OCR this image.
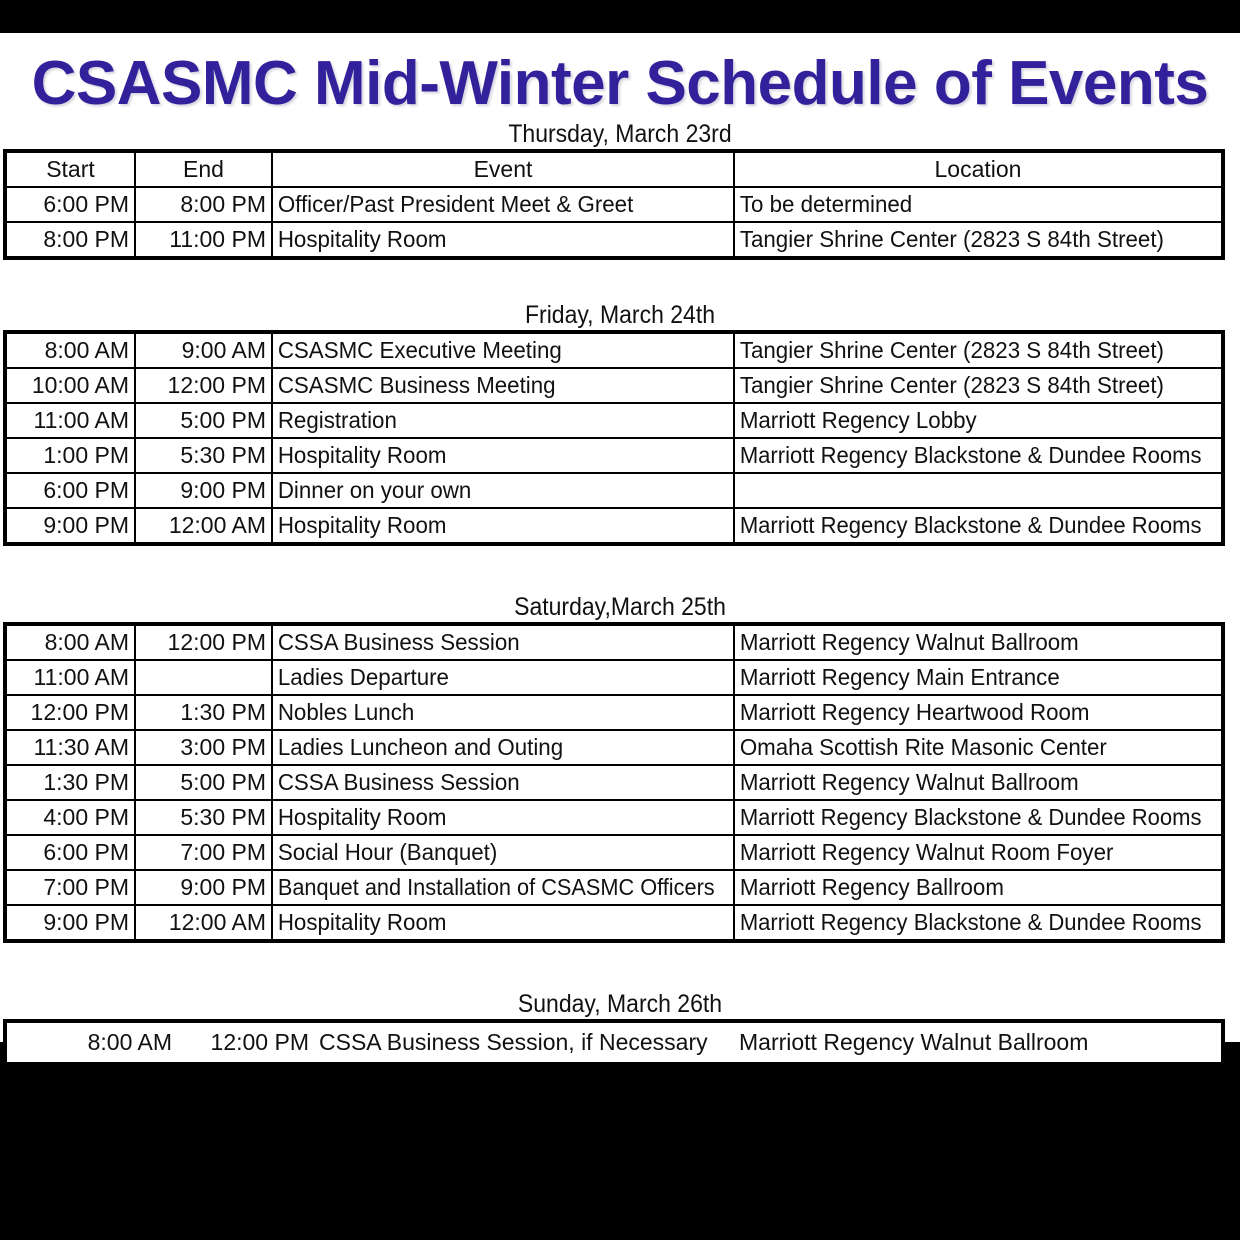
CSASMC Mid-Winter Schedule of Events
Thursday, March 23rd
Start	End	Event	Location
6:00 PM	8:00 PM	Officer/Past President Meet & Greet	To be determined
8:00 PM	11:00 PM	Hospitality Room	Tangier Shrine Center (2823 S 84th Street)
Friday, March 24th
8:00 AM	9:00 AM	CSASMC Executive Meeting	Tangier Shrine Center (2823 S 84th Street)
10:00 AM	12:00 PM	CSASMC Business Meeting	Tangier Shrine Center (2823 S 84th Street)
11:00 AM	5:00 PM	Registration	Marriott Regency Lobby
1:00 PM	5:30 PM	Hospitality Room	Marriott Regency Blackstone & Dundee Rooms
6:00 PM	9:00 PM	Dinner on your own	
9:00 PM	12:00 AM	Hospitality Room	Marriott Regency Blackstone & Dundee Rooms
Saturday,March 25th
8:00 AM	12:00 PM	CSSA Business Session	Marriott Regency Walnut Ballroom
11:00 AM		Ladies Departure	Marriott Regency Main Entrance
12:00 PM	1:30 PM	Nobles Lunch	Marriott Regency Heartwood Room
11:30 AM	3:00 PM	Ladies Luncheon and Outing	Omaha Scottish Rite Masonic Center
1:30 PM	5:00 PM	CSSA Business Session	Marriott Regency Walnut Ballroom
4:00 PM	5:30 PM	Hospitality Room	Marriott Regency Blackstone & Dundee Rooms
6:00 PM	7:00 PM	Social Hour (Banquet)	Marriott Regency Walnut Room Foyer
7:00 PM	9:00 PM	Banquet and Installation of CSASMC Officers	Marriott Regency Ballroom
9:00 PM	12:00 AM	Hospitality Room	Marriott Regency Blackstone & Dundee Rooms
Sunday, March 26th
8:00 AM	12:00 PM	CSSA Business Session, if Necessary	Marriott Regency Walnut Ballroom
